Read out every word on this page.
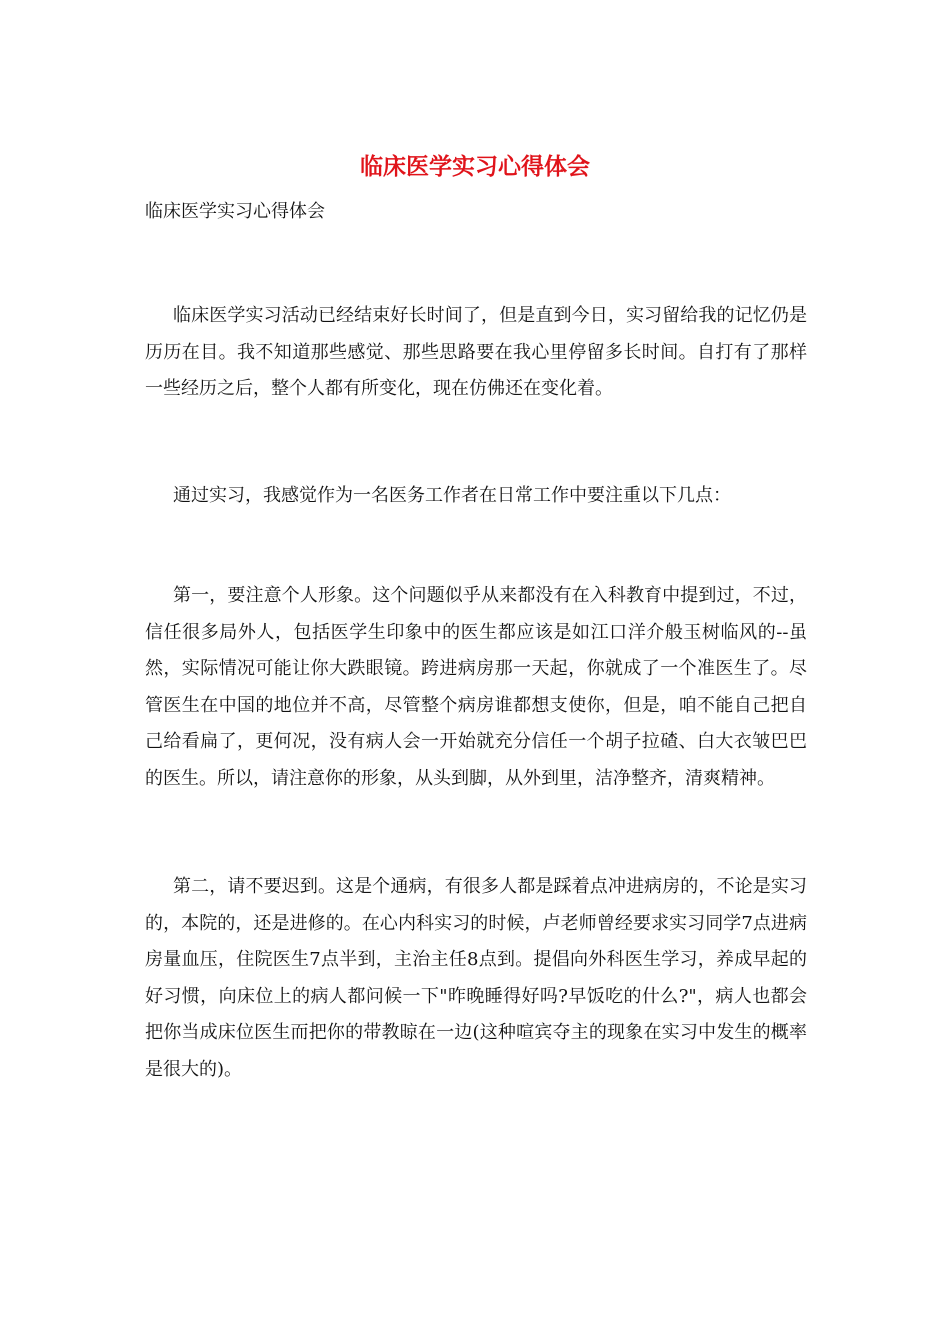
临床医学实习心得体会

临床医学实习心得体会

临床医学实习活动已经结束好长时间了，但是直到今日，实习留给我的记忆仍是历历在目。我不知道那些感觉、那些思路要在我心里停留多长时间。自打有了那样一些经历之后，整个人都有所变化，现在仿佛还在变化着。

通过实习，我感觉作为一名医务工作者在日常工作中要注重以下几点：

第一，要注意个人形象。这个问题似乎从来都没有在入科教育中提到过，不过，信任很多局外人，包括医学生印象中的医生都应该是如江口洋介般玉树临风的--虽然，实际情况可能让你大跌眼镜。跨进病房那一天起，你就成了一个准医生了。尽管医生在中国的地位并不高，尽管整个病房谁都想支使你，但是，咱不能自己把自己给看扁了，更何况，没有病人会一开始就充分信任一个胡子拉碴、白大衣皱巴巴的医生。所以，请注意你的形象，从头到脚，从外到里，洁净整齐，清爽精神。

第二，请不要迟到。这是个通病，有很多人都是踩着点冲进病房的，不论是实习的，本院的，还是进修的。在心内科实习的时候，卢老师曾经要求实习同学7点进病房量血压，住院医生7点半到，主治主任8点到。提倡向外科医生学习，养成早起的好习惯，向床位上的病人都问候一下"昨晚睡得好吗?早饭吃的什么?"，病人也都会把你当成床位医生而把你的带教晾在一边(这种喧宾夺主的现象在实习中发生的概率是很大的)。
